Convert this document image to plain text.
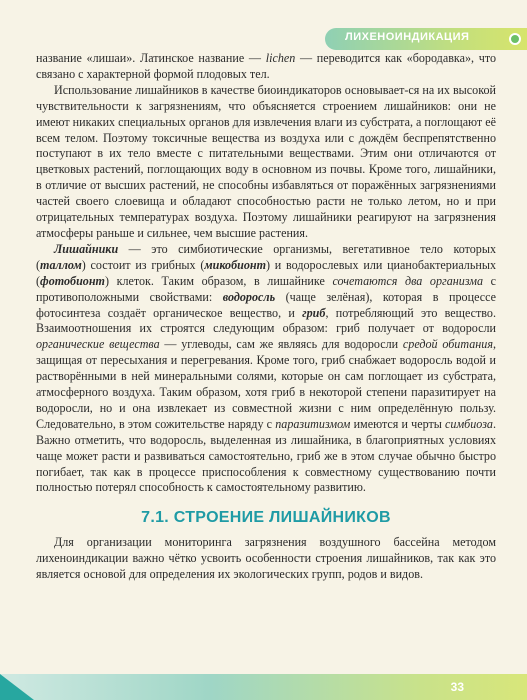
ЛИХЕНОИНДИКАЦИЯ

название «лишаи». Латинское название — lichen — переводится как «бородавка», что связано с характерной формой плодовых тел.

Использование лишайников в качестве биоиндикаторов основывает-ся на их высокой чувствительности к загрязнениям, что объясняется строением лишайников: они не имеют никаких специальных органов для извлечения влаги из субстрата, а поглощают её всем телом. Поэтому токсичные вещества из воздуха или с дождём беспрепятственно поступают в их тело вместе с питательными веществами. Этим они отличаются от цветковых растений, поглощающих воду в основном из почвы. Кроме того, лишайники, в отличие от высших растений, не способны избавляться от поражённых загрязнениями частей своего слоевища и обладают способностью расти не только летом, но и при отрицательных температурах воздуха. Поэтому лишайники реагируют на загрязнения атмосферы раньше и сильнее, чем высшие растения.

Лишайники — это симбиотические организмы, вегетативное тело которых (таллом) состоит из грибных (микобионт) и водорослевых или цианобактериальных (фотобионт) клеток. Таким образом, в лишайнике сочетаются два организма с противоположными свойствами: водоросль (чаще зелёная), которая в процессе фотосинтеза создаёт органическое вещество, и гриб, потребляющий это вещество. Взаимоотношения их строятся следующим образом: гриб получает от водоросли органические вещества — углеводы, сам же являясь для водоросли средой обитания, защищая от пересыхания и перегревания. Кроме того, гриб снабжает водоросль водой и растворёнными в ней минеральными солями, которые он сам поглощает из субстрата, атмосферного воздуха. Таким образом, хотя гриб в некоторой степени паразитирует на водоросли, но и она извлекает из совместной жизни с ним определённую пользу. Следовательно, в этом сожительстве наряду с паразитизмом имеются и черты симбиоза. Важно отметить, что водоросль, выделенная из лишайника, в благоприятных условиях чаще может расти и развиваться самостоятельно, гриб же в этом случае обычно быстро погибает, так как в процессе приспособления к совместному существованию почти полностью потерял способность к самостоятельному развитию.

7.1. СТРОЕНИЕ ЛИШАЙНИКОВ

Для организации мониторинга загрязнения воздушного бассейна методом лихеноиндикации важно чётко усвоить особенности строения лишайников, так как это является основой для определения их экологических групп, родов и видов.

33
